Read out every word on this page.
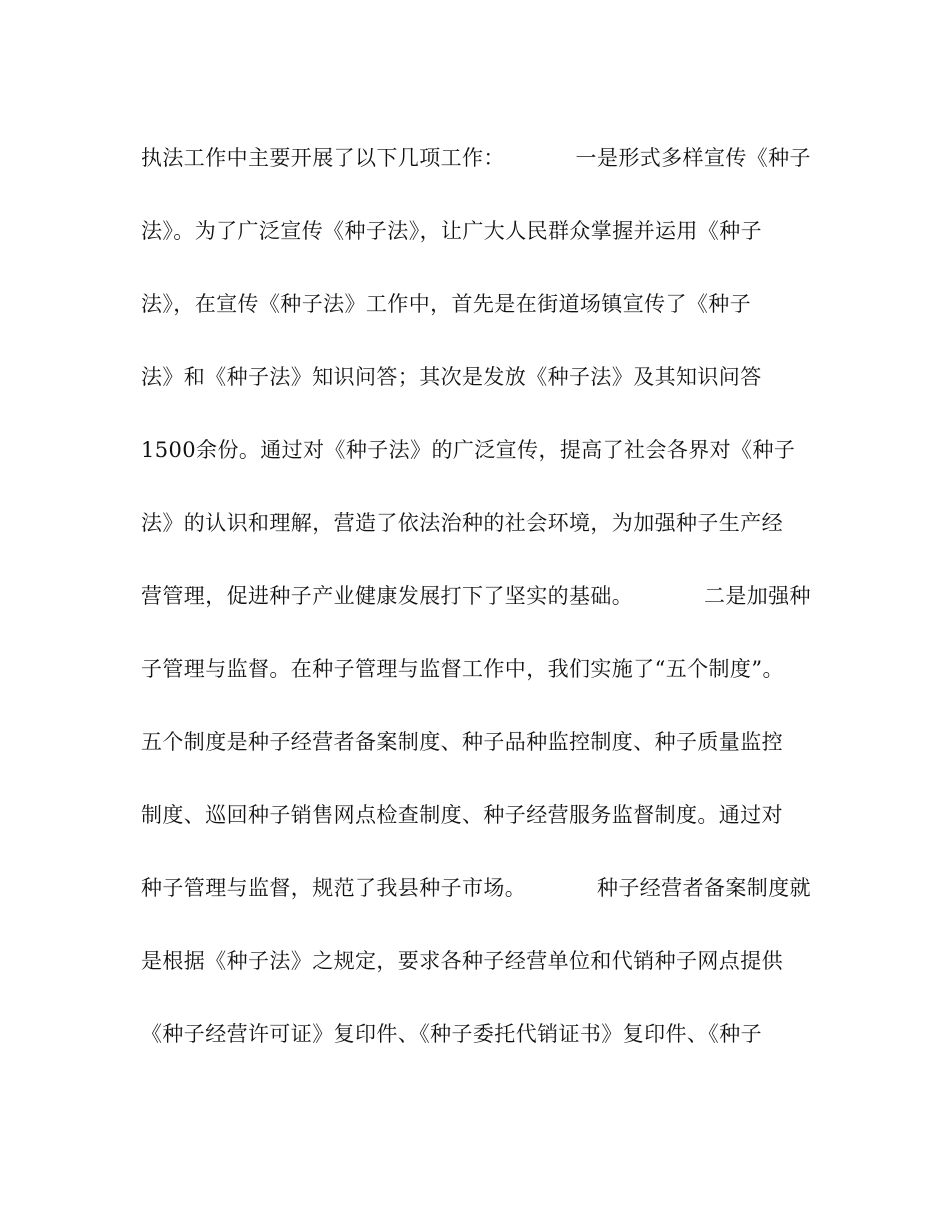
执法工作中主要开展了以下几项工作：          一是形式多样宣传《种子
法》。为了广泛宣传《种子法》，让广大人民群众掌握并运用《种子
法》，在宣传《种子法》工作中，首先是在街道场镇宣传了《种子
法》和《种子法》知识问答；其次是发放《种子法》及其知识问答
1500余份。通过对《种子法》的广泛宣传，提高了社会各界对《种子
法》的认识和理解，营造了依法治种的社会环境，为加强种子生产经
营管理，促进种子产业健康发展打下了坚实的基础。          二是加强种
子管理与监督。在种子管理与监督工作中，我们实施了“五个制度”。
五个制度是种子经营者备案制度、种子品种监控制度、种子质量监控
制度、巡回种子销售网点检查制度、种子经营服务监督制度。通过对
种子管理与监督，规范了我县种子市场。          种子经营者备案制度就
是根据《种子法》之规定，要求各种子经营单位和代销种子网点提供
《种子经营许可证》复印件、《种子委托代销证书》复印件、《种子
